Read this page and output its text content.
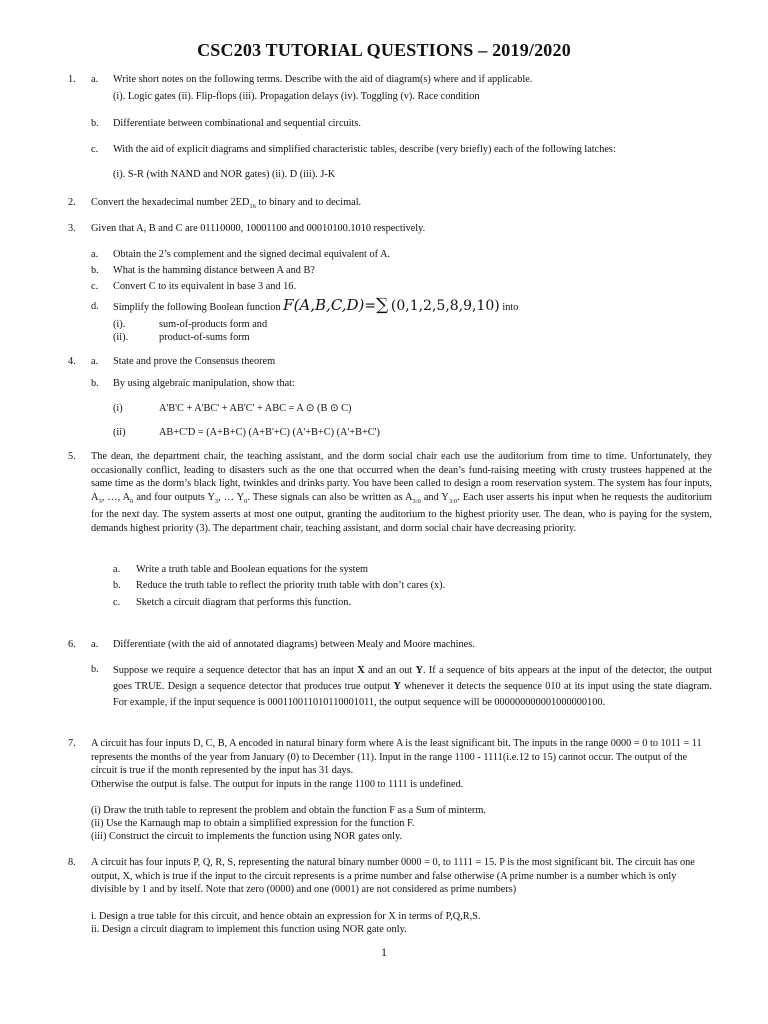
CSC203 TUTORIAL QUESTIONS – 2019/2020
1. a. Write short notes on the following terms. Describe with the aid of diagram(s) where and if applicable.
(i). Logic gates (ii). Flip-flops (iii). Propagation delays (iv). Toggling (v). Race condition
b. Differentiate between combinational and sequential circuits.
c. With the aid of explicit diagrams and simplified characteristic tables, describe (very briefly) each of the following latches:
(i). S-R (with NAND and NOR gates) (ii). D (iii). J-K
2. Convert the hexadecimal number $2ED_{16}$ to binary and to decimal.
3. Given that A, B and C are 01110000, 10001100 and 00010100.1010 respectively.
a. Obtain the 2’s complement and the signed decimal equivalent of A.
b. What is the hamming distance between A and B?
c. Convert C to its equivalent in base 3 and 16.
d. Simplify the following Boolean function F(A,B,C,D)=∑ (0,1,2,5,8,9,10) into
(i).	sum-of-products form and
(ii).	product-of-sums form
4. a. State and prove the Consensus theorem
b. By using algebraic manipulation, show that:
(i)	A'B'C + A'BC' + AB'C' + ABC = A ⊙ (B ⊙ C)
(ii)	AB+C'D = (A+B+C) (A+B'+C) (A'+B+C) (A'+B+C')
5. The dean, the department chair, the teaching assistant, and the dorm social chair each use the auditorium from time to time. Unfortunately, they occasionally conflict, leading to disasters such as the one that occurred when the dean’s fund-raising meeting with crusty trustees happened at the same time as the dorm’s black light, twinkles and drinks party. You have been called to design a room reservation system. The system has four inputs, $A_3$, …, $A_0$ and four outputs $Y_3$, … $Y_0$. These signals can also be written as $A_{3:0}$ and $Y_{3:0}$. Each user asserts his input when he requests the auditorium for the next day. The system asserts at most one output, granting the auditorium to the highest priority user. The dean, who is paying for the system, demands highest priority (3). The department chair, teaching assistant, and dorm social chair have decreasing priority.
a.	Write a truth table and Boolean equations for the system
b.	Reduce the truth table to reflect the priority truth table with don’t cares (x).
c.	Sketch a circuit diagram that performs this function.
6. a. Differentiate (with the aid of annotated diagrams) between Mealy and Moore machines.
b. Suppose we require a sequence detector that has an input X and an out Y. If a sequence of bits appears at the input of the detector, the output goes TRUE. Design a sequence detector that produces true output Y whenever it detects the sequence 010 at its input using the state diagram. For example, if the input sequence is 000110011010110001011, the output sequence will be 000000000001000000100.
7. A circuit has four inputs D, C, B, A encoded in natural binary form where A is the least significant bit. The inputs in the range 0000 = 0 to 1011 = 11 represents the months of the year from January (0) to December (11). Input in the range 1100 - 1111(i.e.12 to 15) cannot occur. The output of the circuit is true if the month represented by the input has 31 days.
Otherwise the output is false. The output for inputs in the range 1100 to 1111 is undefined.
(i) Draw the truth table to represent the problem and obtain the function F as a Sum of minterm.
(ii) Use the Karnaugh map to obtain a simplified expression for the function F.
(iii) Construct the circuit to implements the function using NOR gates only.
8. A circuit has four inputs P, Q, R, S, representing the natural binary number 0000 = 0, to 1111 = 15. P is the most significant bit. The circuit has one output, X, which is true if the input to the circuit represents is a prime number and false otherwise (A prime number is a number which is only divisible by 1 and by itself. Note that zero (0000) and one (0001) are not considered as prime numbers)
i. Design a true table for this circuit, and hence obtain an expression for X in terms of P,Q,R,S.
ii. Design a circuit diagram to implement this function using NOR gate only.
1
